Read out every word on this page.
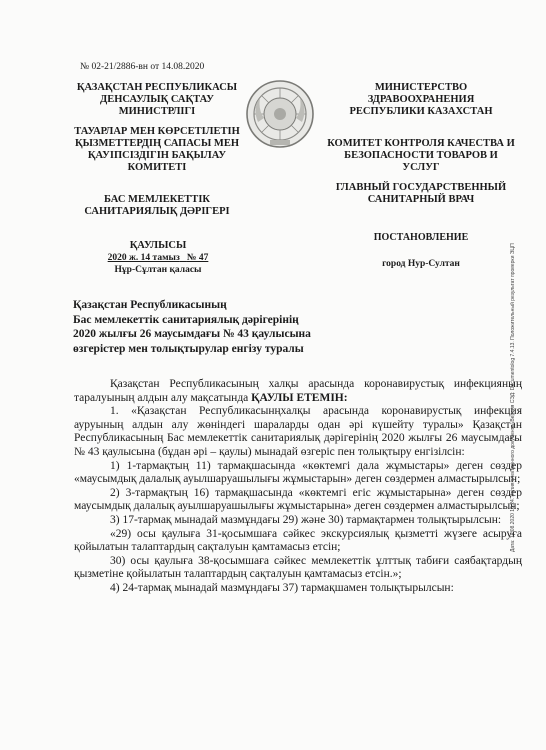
№ 02-21/2886-вн от 14.08.2020
ҚАЗАҚСТАН РЕСПУБЛИКАСЫ
ДЕНСАУЛЫҚ САҚТАУ
МИНИСТРЛІГІ
ТАУАРЛАР МЕН КӨРСЕТІЛЕТІН
ҚЫЗМЕТТЕРДІҢ САПАСЫ МЕН
ҚАУІПСІЗДІГІН БАҚЫЛАУ
КОМИТЕТІ
БАС МЕМЛЕКЕТТІК
САНИТАРИЯЛЫҚ ДӘРІГЕРІ
МИНИСТЕРСТВО
ЗДРАВООХРАНЕНИЯ
РЕСПУБЛИКИ КАЗАХСТАН
КОМИТЕТ КОНТРОЛЯ КАЧЕСТВА И
БЕЗОПАСНОСТИ ТОВАРОВ И
УСЛУГ
ГЛАВНЫЙ ГОСУДАРСТВЕННЫЙ
САНИТАРНЫЙ ВРАЧ
ҚАУЛЫСЫ
2020 ж. 14 тамыз № 47
Нұр-Сұлтан қаласы
ПОСТАНОВЛЕНИЕ
город Нур-Султан
Қазақстан Республикасының
Бас мемлекеттік санитариялық дәрігерінің
2020 жылғы 26 маусымдағы № 43 қаулысына
өзгерістер мен толықтырулар енгізу туралы

Қазақстан Республикасының халқы арасында коронавирустық инфекцияның таралуының алдын алу мақсатында ҚАУЛЫ ЕТЕМІН:

1. «Қазақстан Республикасынңхалқы арасында коронавирустық инфекция ауруының алдын алу жөніндегі шараларды одан әрі күшейту туралы» Қазақстан Республикасының Бас мемлекеттік санитариялық дәрігерінің 2020 жылғы 26 маусымдағы № 43 қаулысына (бұдан әрі – қаулы) мынадай өзгеріс пен толықтыру енгізілсін:

1) 1-тармақтың 11) тармақшасында «көктемгі дала жұмыстары» деген сөздер «маусымдық далалық ауылшаруашылығы жұмыстарын» деген сөздермен алмастырылсын;

2) 3-тармақтың 16) тармақшасында «көктемгі егіс жұмыстарына» деген сөздер маусымдық далалық ауылшаруашылығы жұмыстарына» деген сөздермен алмастырылсын;

3) 17-тармақ мынадай мазмұндағы 29) және 30) тармақтармен толықтырылсын:

«29) осы қаулыға 31-қосымшаға сәйкес экскурсиялық қызметті жүзеге асыруға қойылатын талаптардың сақталуын қамтамасыз етсін;

30) осы қаулыға 38-қосымшаға сәйкес мемлекеттік ұлттық табиғи саябақтардың қызметіне қойылатын талаптардың сақталуын қамтамасыз етсін.»;

4) 24-тармақ мынадай мазмұндағы 37) тармақшамен толықтырылсын:

Дата: 14.08.2020 16:24. Копия электронного документа. Версия СЭД: Documentolog 7.4.13. Положительный результат проверки ЭЦП
